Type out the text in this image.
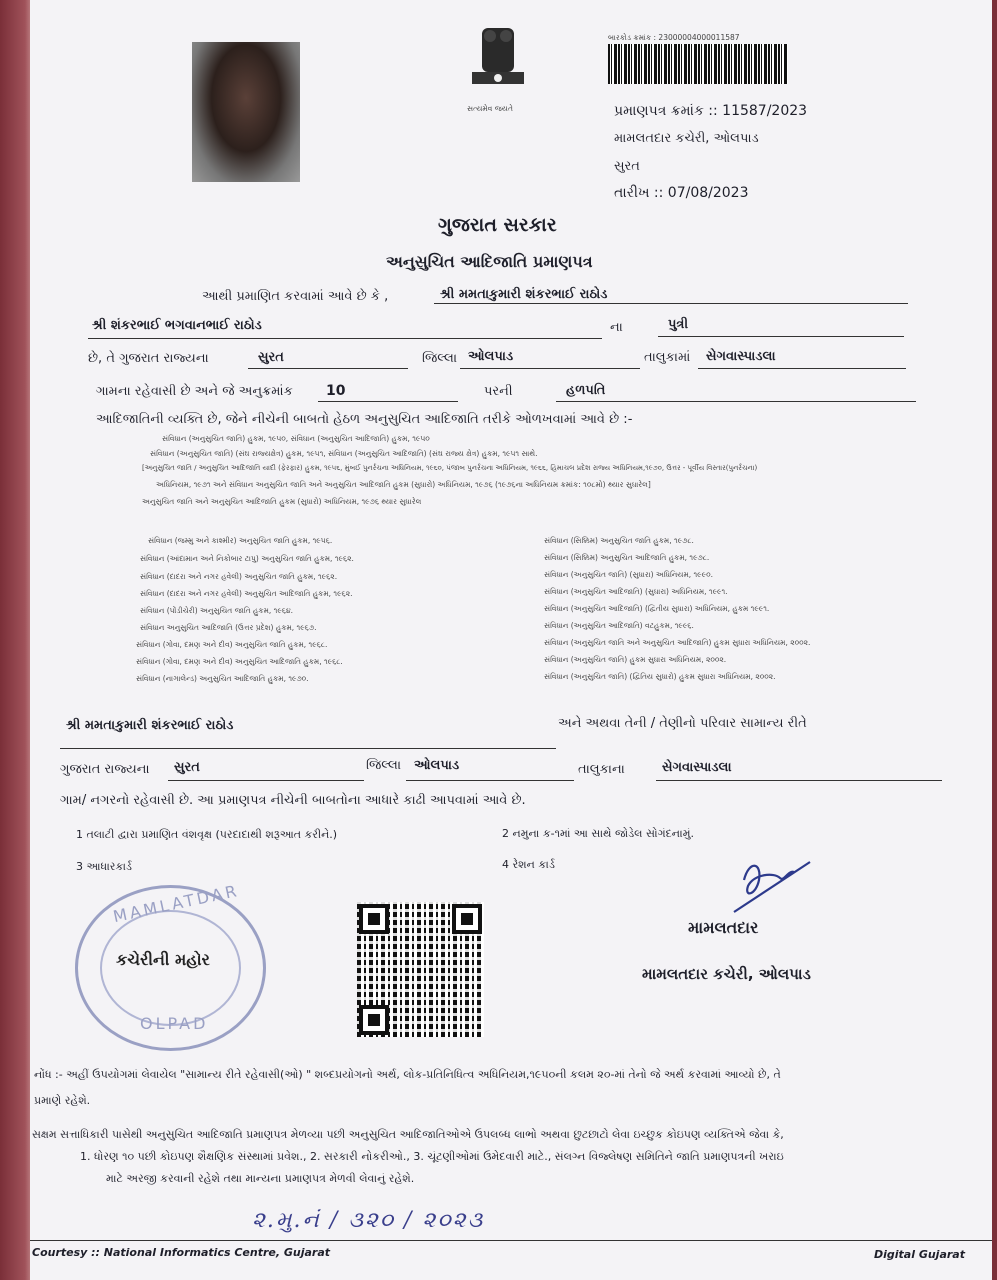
સત્યમેવ જયતે
બારકોડ ક્રમાંક : 23000004000011587
પ્રમાણપત્ર ક્રમાંક :: 11587/2023
મામલતદાર કચેરી, ઓલપાડ
સુરત
તારીખ :: 07/08/2023
ગુજરાત સરકાર
અનુસુચિત આદિજાતિ પ્રમાણપત્ર
આથી પ્રમાણિત કરવામાં આવે છે કે ,	શ્રી મમતાકુમારી શંકરભાઈ રાઠોડ
શ્રી શંકરભાઈ ભગવાનભાઈ રાઠોડ	ના	પુત્રી
છે, તે ગુજરાત રાજ્યના	સુરત	જિલ્લા ઓલપાડ	તાલુકામાં સેગવાસ્પાડલા
ગામના રહેવાસી છે અને જે અનુક્રમાંક 10	પરની	હળપતિ
આદિજાતિની વ્યક્તિ છે, જેને નીચેની બાબતો હેઠળ અનુસુચિત આદિજાતિ તરીકે ઓળખવામાં આવે છે :-
સંવિધાન (અનુસુચિત જાતિ) હુકમ, ૧૯૫૦, સંવિધાન (અનુસુચિત આદિજાતિ) હુકમ, ૧૯૫૦
સંવિધાન (અનુસુચિત જાતિ) (સંઘ રાજ્યક્ષેત્ર) હુકમ, ૧૯૫૧, સંવિધાન (અનુસુચિત આદિજાતિ) (સંઘ રાજ્ય ક્ષેત્ર) હુકમ, ૧૯૫૧ સાથે.
[અનુસુચિત જાતિ / અનુસુચિત આદિજાતિ યાદી (ફેરફાર) હુકમ, ૧૯૫૬, મુંબઈ પુનર્રચના અધિનિયમ, ૧૯૬૦, પંજાબ પુનર્રચના અધિનિયમ, ૧૯૬૬, હિમાચલ પ્રદેશ રાજ્ય અધિનિયમ,૧૯૭૦, ઉત્તર - પૂર્વીય વિસ્તાર(પુનર્રચના)
અધિનિયમ, ૧૯૭૧ અને સંવિધાન અનુસુચિત જાતિ અને અનુસુચિત આદિજાતિ હુકમ (સુધારો) અધિનિયમ, ૧૯૭૬ (૧૯૭૬ના અધિનિયમ ક્રમાંક: ૧૦૮મો) થ્યાર સુધારેલ]
અનુસુચિત જાતિ અને અનુસુચિત આદિજાતિ હુકમ (સુધારો) અધિનિયમ, ૧૯૭૬ થ્યાર સુધારેલ
સંવિધાન (જમ્મુ અને કાશ્મીર) અનુસુચિત જાતિ હુકમ, ૧૯૫૬.
સંવિધાન (આંદામાન અને નિકોબાર ટાપુ) અનુસુચિત જાતિ હુકમ, ૧૯૬૨.
સંવિધાન (દાદરા અને નગર હવેલી) અનુસુચિત જાતિ હુકમ, ૧૯૬૨.
સંવિધાન (દાદરા અને નગર હવેલી) અનુસુચિત આદિજાતિ હુકમ, ૧૯૬૨.
સંવિધાન (પોંડીચેરી) અનુસુચિત જાતિ હુકમ, ૧૯૬૪.
સંવિધાન અનુસુચિત આદિજાતિ (ઉત્તર પ્રદેશ) હુકમ, ૧૯૬૭.
સંવિધાન (ગોવા, દમણ અને દીવ) અનુસુચિત જાતિ હુકમ, ૧૯૬૮.
સંવિધાન (ગોવા, દમણ અને દીવ) અનુસુચિત આદિજાતિ હુકમ, ૧૯૬૮.
સંવિધાન (નાગાલેન્ડ) અનુસુચિત આદિજાતિ હુકમ, ૧૯૭૦.
સંવિધાન (સિક્કિમ) અનુસુચિત જાતિ હુકમ, ૧૯૭૮.
સંવિધાન (સિક્કિમ) અનુસુચિત આદિજાતિ હુકમ, ૧૯૭૮.
સંવિધાન (અનુસુચિત જાતિ) (સુધારા) અધિનિયમ, ૧૯૯૦.
સંવિધાન (અનુસુચિત આદિજાતિ) (સુધારા) અધિનિયમ, ૧૯૯૧.
સંવિધાન (અનુસુચિત આદિજાતિ) (દ્વિતીય સુધારા) અધિનિયમ, હુકમ ૧૯૯૧.
સંવિધાન (અનુસુચિત આદિજાતિ) વટહુકમ, ૧૯૯૬.
સંવિધાન (અનુસુચિત જાતિ અને અનુસુચિત આદિજાતિ) હુકમ સુધારા અધિનિયમ, ૨૦૦૨.
સંવિધાન (અનુસુચિત જાતિ) હુકમ સુધારા અધિનિયમ, ૨૦૦૨.
સંવિધાન (અનુસુચિત જાતિ) (દ્વિતિય સુધારો) હુકમ સુધારા અધિનિયમ, ૨૦૦૨.
શ્રી મમતાકુમારી શંકરભાઈ રાઠોડ	અને અથવા તેની / તેણીનો પરિવાર સામાન્ય રીતે
ગુજરાત રાજ્યના સુરત	જિલ્લા ઓલપાડ	તાલુકાના	સેગવાસ્પાડલા
ગામ/ નગરનો રહેવાસી છે. આ પ્રમાણપત્ર નીચેની બાબતોના આધારે કાઢી આપવામાં આવે છે.
1 તલાટી દ્વારા પ્રમાણિત વંશવૃક્ષ (પરદાદાથી શરૂઆત કરીને.)	2 નમુના ક-૧માં આ સાથે જોડેલ સોગંદનામું.
3 આધારકાર્ડ	4 રેશન કાર્ડ
MAMLATDAR
કચેરીની મહોર
OLPAD
મામલતદાર
મામલતદાર કચેરી, ઓલપાડ
નોંધ :- અહીં ઉપયોગમાં લેવાયેલ "સામાન્ય રીતે રહેવાસી(ઓ) " શબ્દપ્રયોગનો અર્થ, લોક-પ્રતિનિધિત્વ અધિનિયમ,૧૯૫૦ની કલમ ૨૦-માં તેનો જે અર્થ કરવામાં આવ્યો છે, તે
પ્રમાણે રહેશે.
સક્ષમ સત્તાધિકારી પાસેથી અનુસુચિત આદિજાતિ પ્રમાણપત્ર મેળવ્યા પછી અનુસુચિત આદિજાતિઓએ ઉપલબ્ધ લાભો અથવા છુટછાટો લેવા ઇચ્છુક કોઇપણ વ્યક્તિએ જેવા કે,
1. ધોરણ ૧૦ પછી કોઇપણ શૈક્ષણિક સંસ્થામાં પ્રવેશ., 2. સરકારી નોકરીઓ., 3. ચૂંટણીઓમાં ઉમેદવારી માટે., સંલગ્ન વિજ્લેષણ સમિતિને જાતિ પ્રમાણપત્રની ખરાઇ
માટે અરજી કરવાની રહેશે તથા માન્યના પ્રમાણપત્ર મેળવી લેવાનું રહેશે.
૨.મુ.નં / ૩૨૦ / ૨૦૨૩
Courtesy :: National Informatics Centre, Gujarat	Digital Gujarat
